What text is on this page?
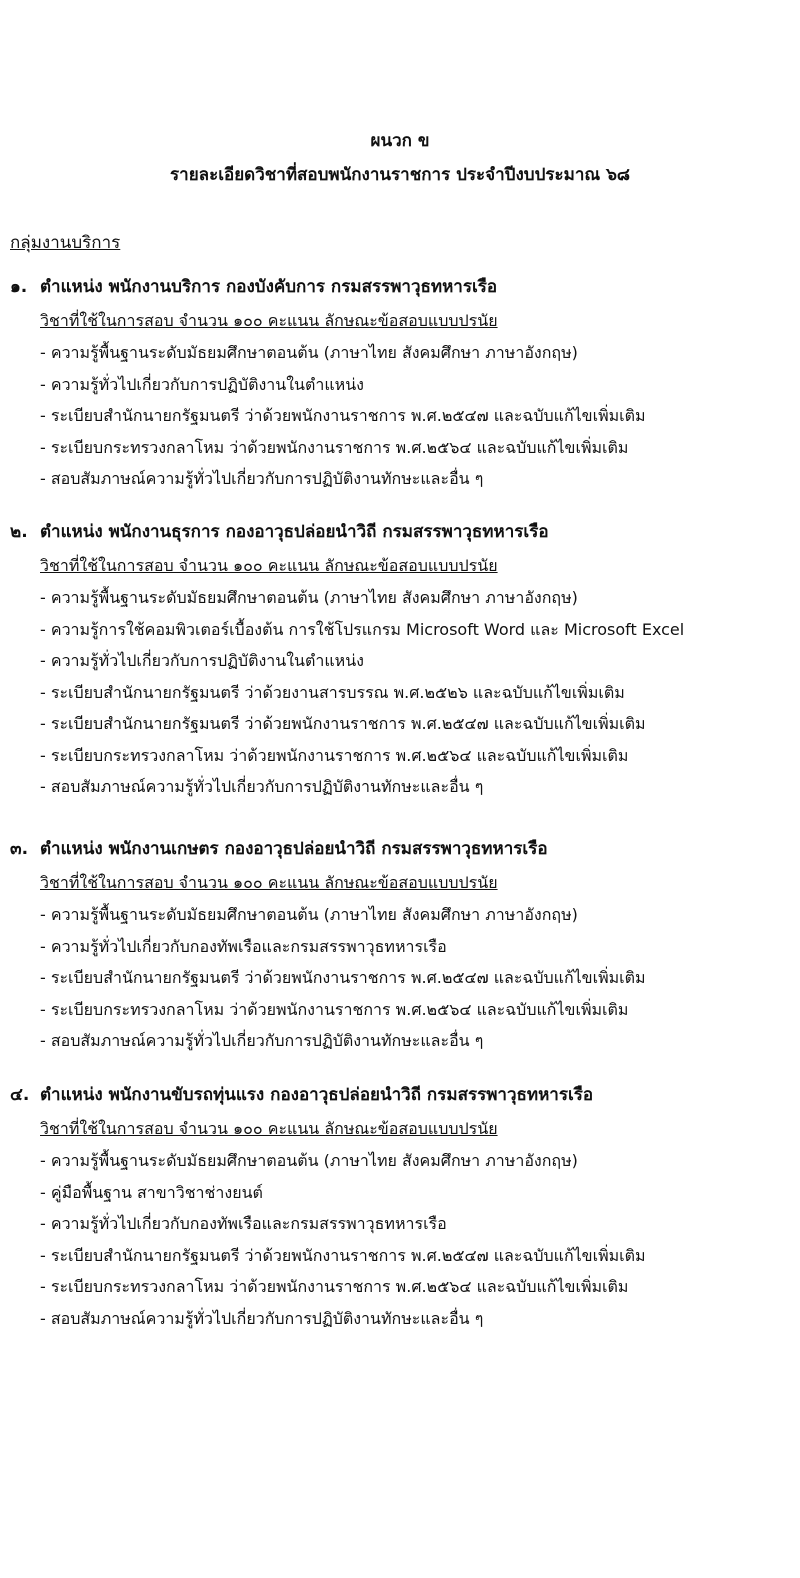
ผนวก ข
รายละเอียดวิชาที่สอบพนักงานราชการ ประจำปีงบประมาณ ๖๘
กลุ่มงานบริการ
๑. ตำแหน่ง พนักงานบริการ กองบังคับการ กรมสรรพาวุธทหารเรือ
วิชาที่ใช้ในการสอบ จำนวน ๑๐๐ คะแนน ลักษณะข้อสอบแบบปรนัย
- ความรู้พื้นฐานระดับมัธยมศึกษาตอนต้น (ภาษาไทย สังคมศึกษา ภาษาอังกฤษ)
- ความรู้ทั่วไปเกี่ยวกับการปฏิบัติงานในตำแหน่ง
- ระเบียบสำนักนายกรัฐมนตรี ว่าด้วยพนักงานราชการ พ.ศ.๒๕๔๗ และฉบับแก้ไขเพิ่มเติม
- ระเบียบกระทรวงกลาโหม ว่าด้วยพนักงานราชการ พ.ศ.๒๕๖๔ และฉบับแก้ไขเพิ่มเติม
- สอบสัมภาษณ์ความรู้ทั่วไปเกี่ยวกับการปฏิบัติงานทักษะและอื่น ๆ
๒. ตำแหน่ง พนักงานธุรการ กองอาวุธปล่อยนำวิถี กรมสรรพาวุธทหารเรือ
วิชาที่ใช้ในการสอบ จำนวน ๑๐๐ คะแนน ลักษณะข้อสอบแบบปรนัย
- ความรู้พื้นฐานระดับมัธยมศึกษาตอนต้น (ภาษาไทย สังคมศึกษา ภาษาอังกฤษ)
- ความรู้การใช้คอมพิวเตอร์เบื้องต้น การใช้โปรแกรม Microsoft Word และ Microsoft Excel
- ความรู้ทั่วไปเกี่ยวกับการปฏิบัติงานในตำแหน่ง
- ระเบียบสำนักนายกรัฐมนตรี ว่าด้วยงานสารบรรณ พ.ศ.๒๕๒๖ และฉบับแก้ไขเพิ่มเติม
- ระเบียบสำนักนายกรัฐมนตรี ว่าด้วยพนักงานราชการ พ.ศ.๒๕๔๗ และฉบับแก้ไขเพิ่มเติม
- ระเบียบกระทรวงกลาโหม ว่าด้วยพนักงานราชการ พ.ศ.๒๕๖๔ และฉบับแก้ไขเพิ่มเติม
- สอบสัมภาษณ์ความรู้ทั่วไปเกี่ยวกับการปฏิบัติงานทักษะและอื่น ๆ
๓. ตำแหน่ง พนักงานเกษตร กองอาวุธปล่อยนำวิถี กรมสรรพาวุธทหารเรือ
วิชาที่ใช้ในการสอบ จำนวน ๑๐๐ คะแนน ลักษณะข้อสอบแบบปรนัย
- ความรู้พื้นฐานระดับมัธยมศึกษาตอนต้น (ภาษาไทย สังคมศึกษา ภาษาอังกฤษ)
- ความรู้ทั่วไปเกี่ยวกับกองทัพเรือและกรมสรรพาวุธทหารเรือ
- ระเบียบสำนักนายกรัฐมนตรี ว่าด้วยพนักงานราชการ พ.ศ.๒๕๔๗ และฉบับแก้ไขเพิ่มเติม
- ระเบียบกระทรวงกลาโหม ว่าด้วยพนักงานราชการ พ.ศ.๒๕๖๔ และฉบับแก้ไขเพิ่มเติม
- สอบสัมภาษณ์ความรู้ทั่วไปเกี่ยวกับการปฏิบัติงานทักษะและอื่น ๆ
๔. ตำแหน่ง พนักงานขับรถทุ่นแรง กองอาวุธปล่อยนำวิถี กรมสรรพาวุธทหารเรือ
วิชาที่ใช้ในการสอบ จำนวน ๑๐๐ คะแนน ลักษณะข้อสอบแบบปรนัย
- ความรู้พื้นฐานระดับมัธยมศึกษาตอนต้น (ภาษาไทย สังคมศึกษา ภาษาอังกฤษ)
- คู่มือพื้นฐาน สาขาวิชาช่างยนต์
- ความรู้ทั่วไปเกี่ยวกับกองทัพเรือและกรมสรรพาวุธทหารเรือ
- ระเบียบสำนักนายกรัฐมนตรี ว่าด้วยพนักงานราชการ พ.ศ.๒๕๔๗ และฉบับแก้ไขเพิ่มเติม
- ระเบียบกระทรวงกลาโหม ว่าด้วยพนักงานราชการ พ.ศ.๒๕๖๔ และฉบับแก้ไขเพิ่มเติม
- สอบสัมภาษณ์ความรู้ทั่วไปเกี่ยวกับการปฏิบัติงานทักษะและอื่น ๆ
